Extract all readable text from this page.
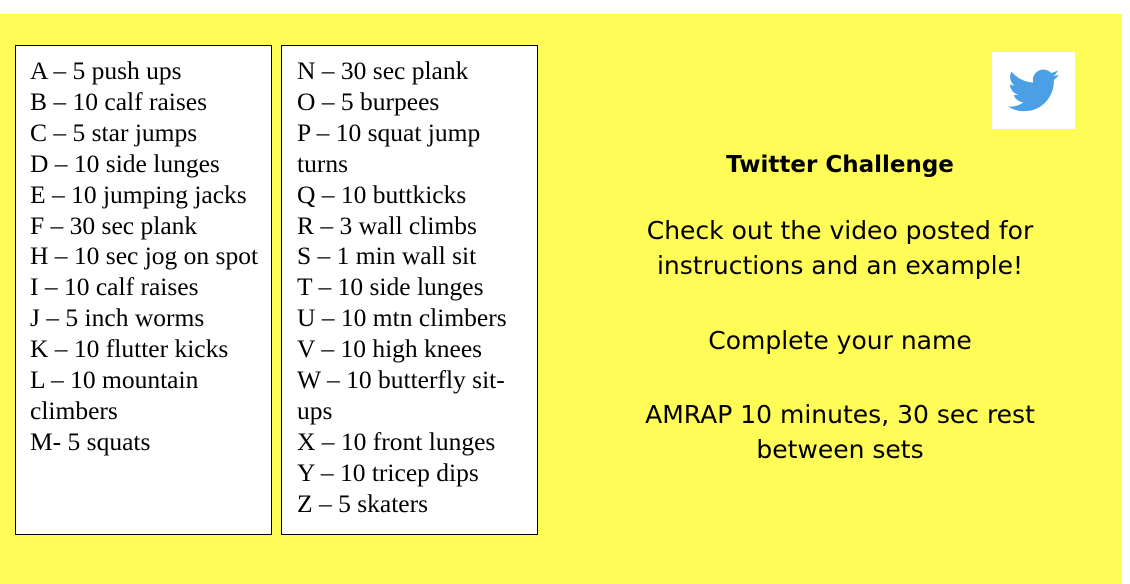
A – 5 push ups
B – 10 calf raises
C – 5 star jumps
D – 10 side lunges
E – 10 jumping jacks
F – 30 sec plank
H – 10 sec jog on spot
I – 10 calf raises
J – 5 inch worms
K – 10 flutter kicks
L – 10 mountain climbers
M- 5 squats
N – 30 sec plank
O – 5 burpees
P – 10 squat jump turns
Q – 10 buttkicks
R – 3 wall climbs
S – 1 min wall sit
T – 10 side lunges
U – 10 mtn climbers
V – 10 high knees
W – 10 butterfly sit-ups
X – 10 front lunges
Y – 10 tricep dips
Z – 5 skaters
Twitter Challenge
Check out the video posted for instructions and an example!
Complete your name
AMRAP 10 minutes, 30 sec rest between sets
